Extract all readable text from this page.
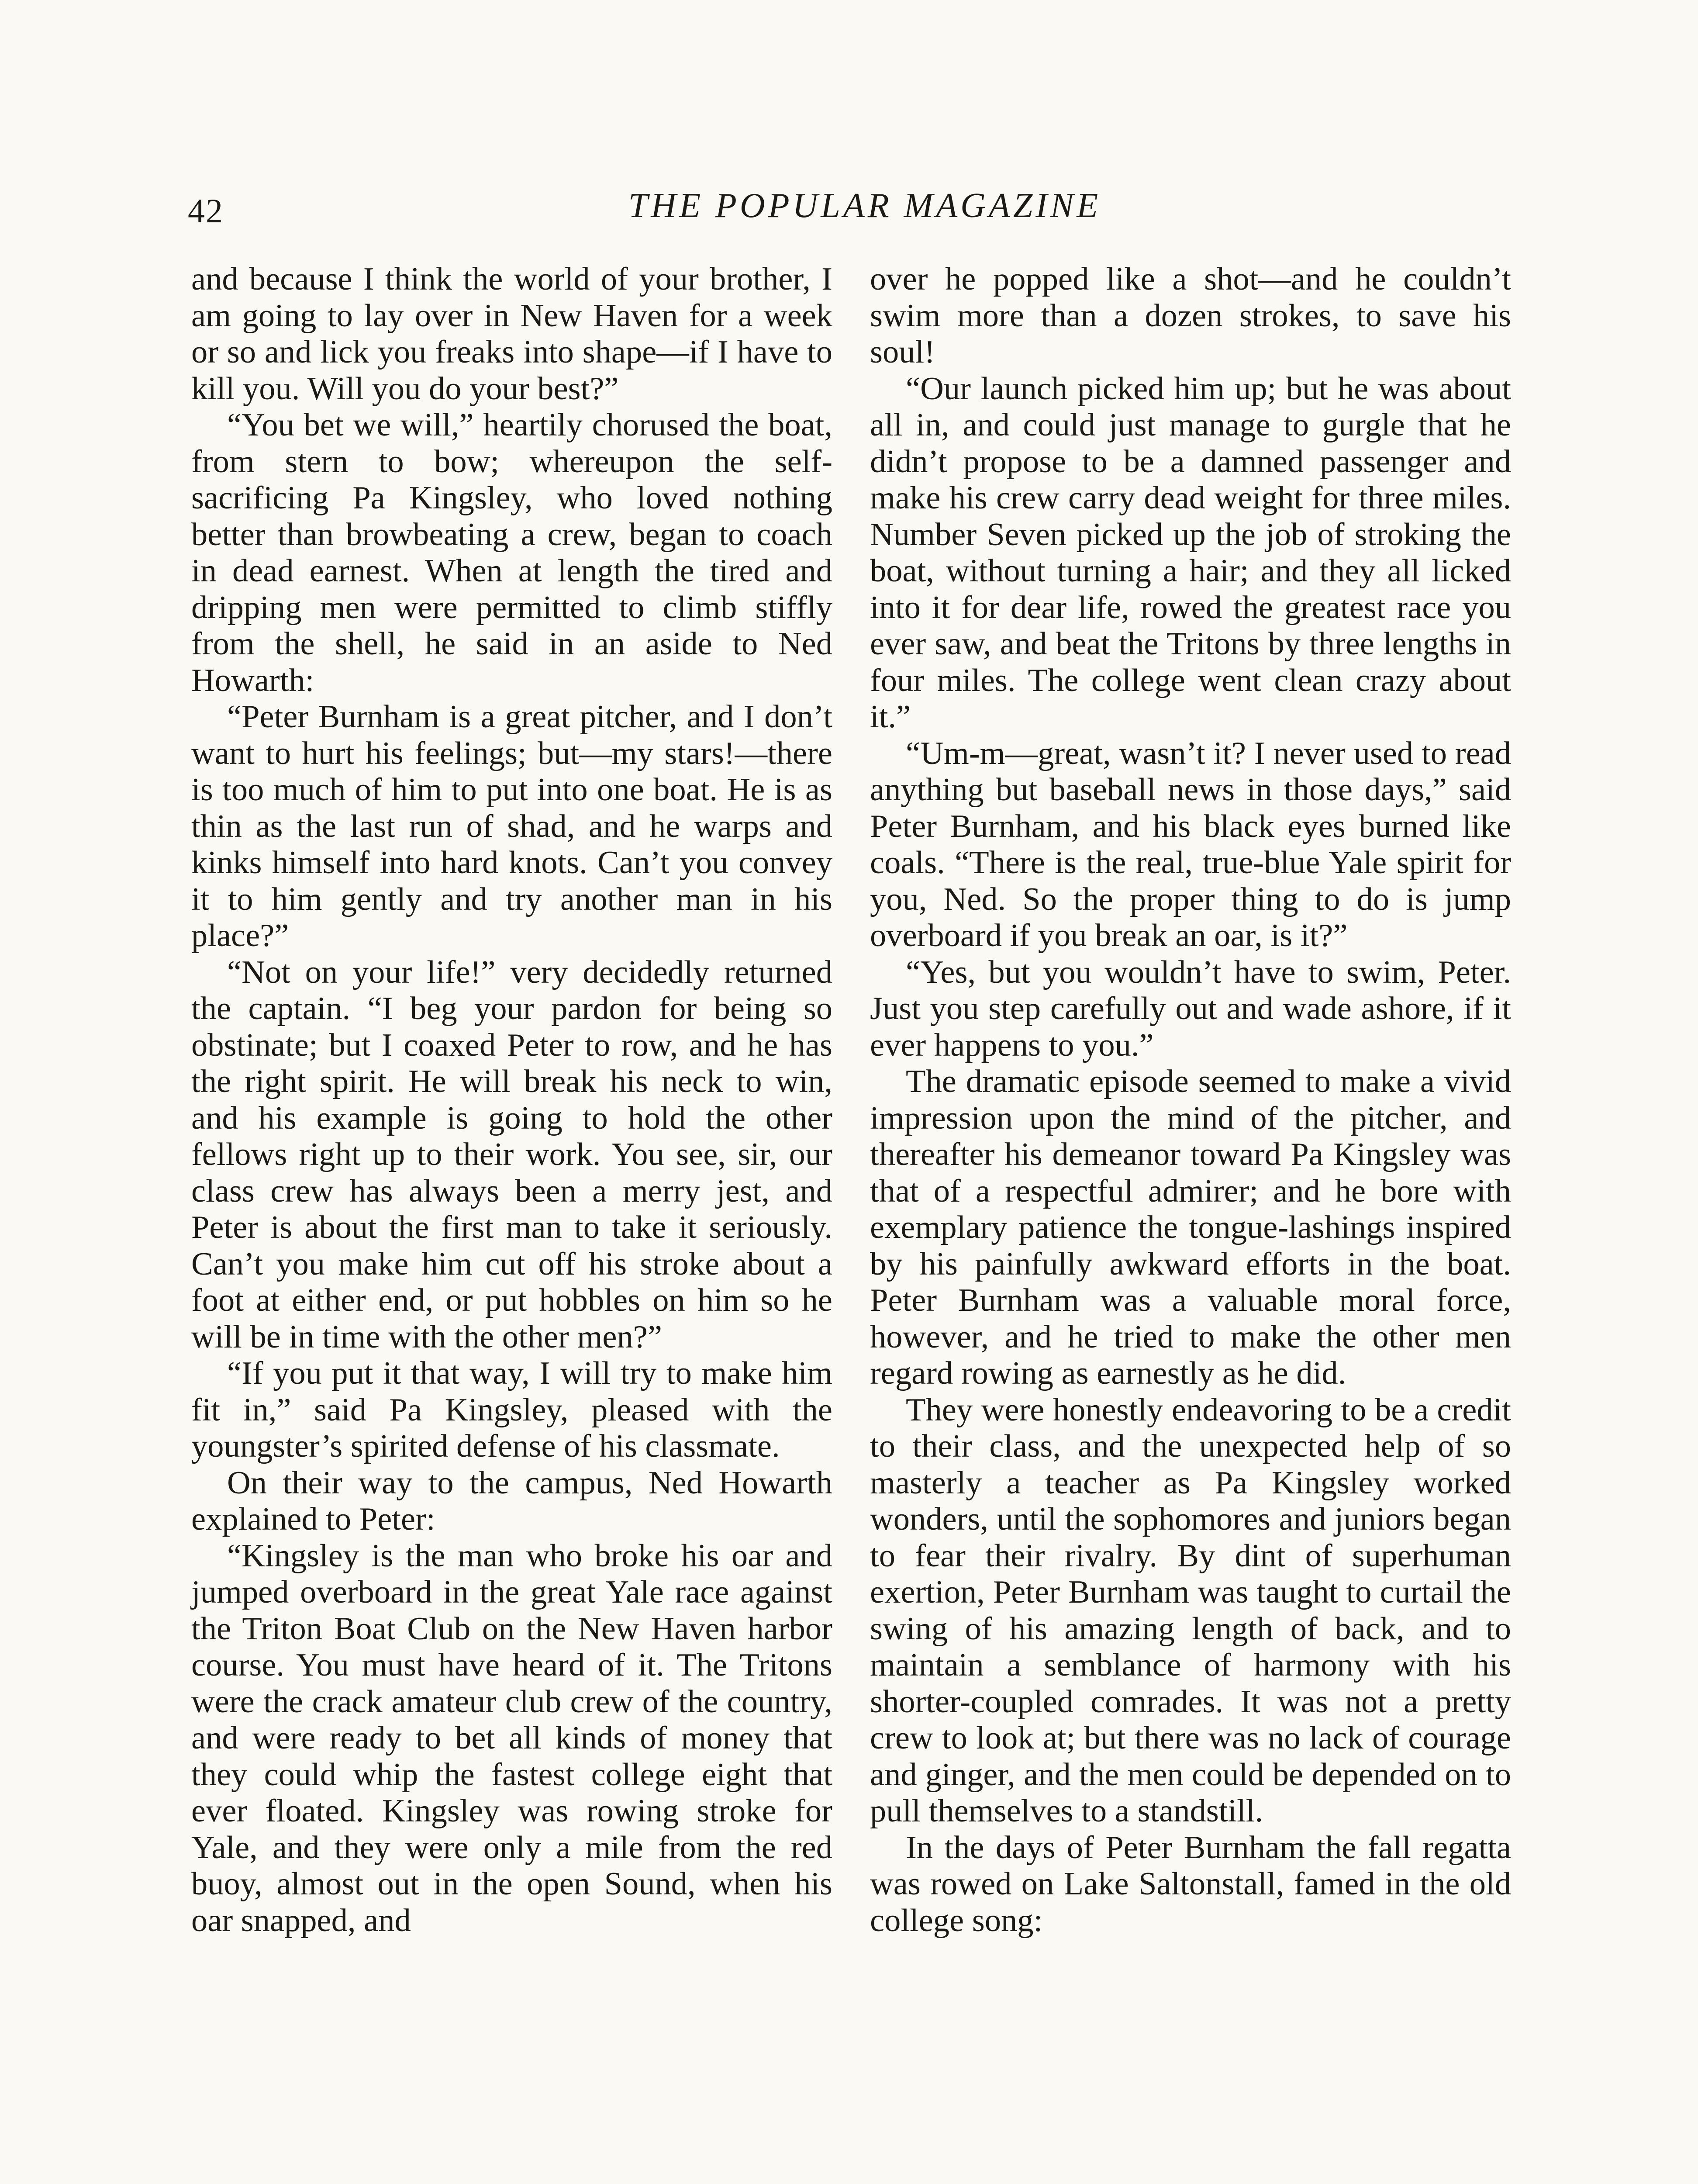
42	THE POPULAR MAGAZINE

and because I think the world of your brother, I am going to lay over in New Haven for a week or so and lick you freaks into shape—if I have to kill you. Will you do your best?”

“You bet we will,” heartily chorused the boat, from stern to bow; whereupon the self-sacrificing Pa Kingsley, who loved nothing better than browbeating a crew, began to coach in dead earnest. When at length the tired and dripping men were permitted to climb stiffly from the shell, he said in an aside to Ned Howarth:

“Peter Burnham is a great pitcher, and I don’t want to hurt his feelings; but—my stars!—there is too much of him to put into one boat. He is as thin as the last run of shad, and he warps and kinks himself into hard knots. Can’t you convey it to him gently and try another man in his place?”

“Not on your life!” very decidedly returned the captain. “I beg your pardon for being so obstinate; but I coaxed Peter to row, and he has the right spirit. He will break his neck to win, and his example is going to hold the other fellows right up to their work. You see, sir, our class crew has always been a merry jest, and Peter is about the first man to take it seriously. Can’t you make him cut off his stroke about a foot at either end, or put hobbles on him so he will be in time with the other men?”

“If you put it that way, I will try to make him fit in,” said Pa Kingsley, pleased with the youngster’s spirited defense of his classmate.

On their way to the campus, Ned Howarth explained to Peter:

“Kingsley is the man who broke his oar and jumped overboard in the great Yale race against the Triton Boat Club on the New Haven harbor course. You must have heard of it. The Tritons were the crack amateur club crew of the country, and were ready to bet all kinds of money that they could whip the fastest college eight that ever floated. Kingsley was rowing stroke for Yale, and they were only a mile from the red buoy, almost out in the open Sound, when his oar snapped, and

over he popped like a shot—and he couldn’t swim more than a dozen strokes, to save his soul!

“Our launch picked him up; but he was about all in, and could just manage to gurgle that he didn’t propose to be a damned passenger and make his crew carry dead weight for three miles. Number Seven picked up the job of stroking the boat, without turning a hair; and they all licked into it for dear life, rowed the greatest race you ever saw, and beat the Tritons by three lengths in four miles. The college went clean crazy about it.”

“Um-m—great, wasn’t it? I never used to read anything but baseball news in those days,” said Peter Burnham, and his black eyes burned like coals. “There is the real, true-blue Yale spirit for you, Ned. So the proper thing to do is jump overboard if you break an oar, is it?”

“Yes, but you wouldn’t have to swim, Peter. Just you step carefully out and wade ashore, if it ever happens to you.”

The dramatic episode seemed to make a vivid impression upon the mind of the pitcher, and thereafter his demeanor toward Pa Kingsley was that of a respectful admirer; and he bore with exemplary patience the tongue-lashings inspired by his painfully awkward efforts in the boat. Peter Burnham was a valuable moral force, however, and he tried to make the other men regard rowing as earnestly as he did.

They were honestly endeavoring to be a credit to their class, and the unexpected help of so masterly a teacher as Pa Kingsley worked wonders, until the sophomores and juniors began to fear their rivalry. By dint of superhuman exertion, Peter Burnham was taught to curtail the swing of his amazing length of back, and to maintain a semblance of harmony with his shorter-coupled comrades. It was not a pretty crew to look at; but there was no lack of courage and ginger, and the men could be depended on to pull themselves to a standstill.

In the days of Peter Burnham the fall regatta was rowed on Lake Saltonstall, famed in the old college song:
